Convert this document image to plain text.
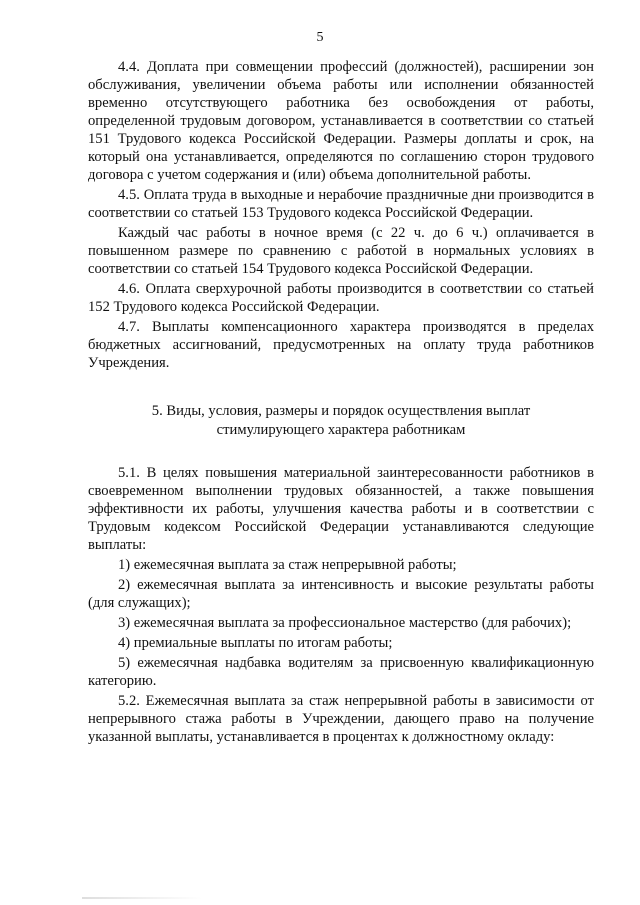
5

4.4. Доплата при совмещении профессий (должностей), расширении зон обслуживания, увеличении объема работы или исполнении обязанностей временно отсутствующего работника без освобождения от работы, определенной трудовым договором, устанавливается в соответствии со статьей 151 Трудового кодекса Российской Федерации. Размеры доплаты и срок, на который она устанавливается, определяются по соглашению сторон трудового договора с учетом содержания и (или) объема дополнительной работы.

4.5. Оплата труда в выходные и нерабочие праздничные дни производится в соответствии со статьей 153 Трудового кодекса Российской Федерации.

Каждый час работы в ночное время (с 22 ч. до 6 ч.) оплачивается в повышенном размере по сравнению с работой в нормальных условиях в соответствии со статьей 154 Трудового кодекса Российской Федерации.

4.6. Оплата сверхурочной работы производится в соответствии со статьей 152 Трудового кодекса Российской Федерации.

4.7. Выплаты компенсационного характера производятся в пределах бюджетных ассигнований, предусмотренных на оплату труда работников Учреждения.

5. Виды, условия, размеры и порядок осуществления выплат
стимулирующего характера работникам

5.1. В целях повышения материальной заинтересованности работников в своевременном выполнении трудовых обязанностей, а также повышения эффективности их работы, улучшения качества работы и в соответствии с Трудовым кодексом Российской Федерации устанавливаются следующие выплаты:

1) ежемесячная выплата за стаж непрерывной работы;

2) ежемесячная выплата за интенсивность и высокие результаты работы (для служащих);

3) ежемесячная выплата за профессиональное мастерство (для рабочих);

4) премиальные выплаты по итогам работы;

5) ежемесячная надбавка водителям за присвоенную квалификационную категорию.

5.2. Ежемесячная выплата за стаж непрерывной работы в зависимости от непрерывного стажа работы в Учреждении, дающего право на получение указанной выплаты, устанавливается в процентах к должностному окладу:
